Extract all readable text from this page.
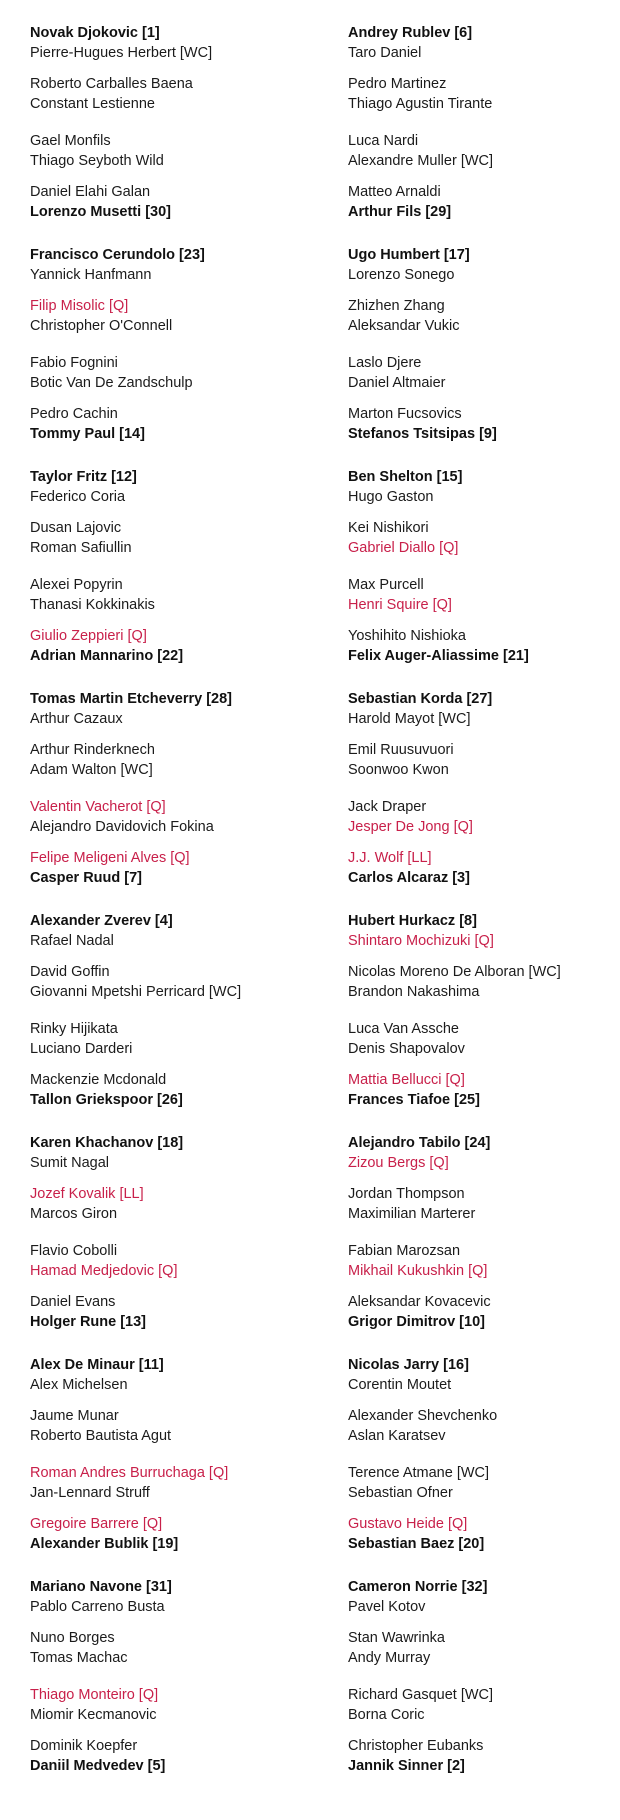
Novak Djokovic [1]
Pierre-Hugues Herbert [WC]
Roberto Carballes Baena
Constant Lestienne
Gael Monfils
Thiago Seyboth Wild
Daniel Elahi Galan
Lorenzo Musetti [30]
Francisco Cerundolo [23]
Yannick Hanfmann
Filip Misolic [Q]
Christopher O'Connell
Fabio Fognini
Botic Van De Zandschulp
Pedro Cachin
Tommy Paul [14]
Taylor Fritz [12]
Federico Coria
Dusan Lajovic
Roman Safiullin
Alexei Popyrin
Thanasi Kokkinakis
Giulio Zeppieri [Q]
Adrian Mannarino [22]
Tomas Martin Etcheverry [28]
Arthur Cazaux
Arthur Rinderknech
Adam Walton [WC]
Valentin Vacherot [Q]
Alejandro Davidovich Fokina
Felipe Meligeni Alves [Q]
Casper Ruud [7]
Alexander Zverev [4]
Rafael Nadal
David Goffin
Giovanni Mpetshi Perricard [WC]
Rinky Hijikata
Luciano Darderi
Mackenzie Mcdonald
Tallon Griekspoor [26]
Karen Khachanov [18]
Sumit Nagal
Jozef Kovalik [LL]
Marcos Giron
Flavio Cobolli
Hamad Medjedovic [Q]
Daniel Evans
Holger Rune [13]
Alex De Minaur [11]
Alex Michelsen
Jaume Munar
Roberto Bautista Agut
Roman Andres Burruchaga [Q]
Jan-Lennard Struff
Gregoire Barrere [Q]
Alexander Bublik [19]
Mariano Navone [31]
Pablo Carreno Busta
Nuno Borges
Tomas Machac
Thiago Monteiro [Q]
Miomir Kecmanovic
Dominik Koepfer
Daniil Medvedev [5]
Andrey Rublev [6]
Taro Daniel
Pedro Martinez
Thiago Agustin Tirante
Luca Nardi
Alexandre Muller [WC]
Matteo Arnaldi
Arthur Fils [29]
Ugo Humbert [17]
Lorenzo Sonego
Zhizhen Zhang
Aleksandar Vukic
Laslo Djere
Daniel Altmaier
Marton Fucsovics
Stefanos Tsitsipas [9]
Ben Shelton [15]
Hugo Gaston
Kei Nishikori
Gabriel Diallo [Q]
Max Purcell
Henri Squire [Q]
Yoshihito Nishioka
Felix Auger-Aliassime [21]
Sebastian Korda [27]
Harold Mayot [WC]
Emil Ruusuvuori
Soonwoo Kwon
Jack Draper
Jesper De Jong [Q]
J.J. Wolf [LL]
Carlos Alcaraz [3]
Hubert Hurkacz [8]
Shintaro Mochizuki [Q]
Nicolas Moreno De Alboran [WC]
Brandon Nakashima
Luca Van Assche
Denis Shapovalov
Mattia Bellucci [Q]
Frances Tiafoe [25]
Alejandro Tabilo [24]
Zizou Bergs [Q]
Jordan Thompson
Maximilian Marterer
Fabian Marozsan
Mikhail Kukushkin [Q]
Aleksandar Kovacevic
Grigor Dimitrov [10]
Nicolas Jarry [16]
Corentin Moutet
Alexander Shevchenko
Aslan Karatsev
Terence Atmane [WC]
Sebastian Ofner
Gustavo Heide [Q]
Sebastian Baez [20]
Cameron Norrie [32]
Pavel Kotov
Stan Wawrinka
Andy Murray
Richard Gasquet [WC]
Borna Coric
Christopher Eubanks
Jannik Sinner [2]
